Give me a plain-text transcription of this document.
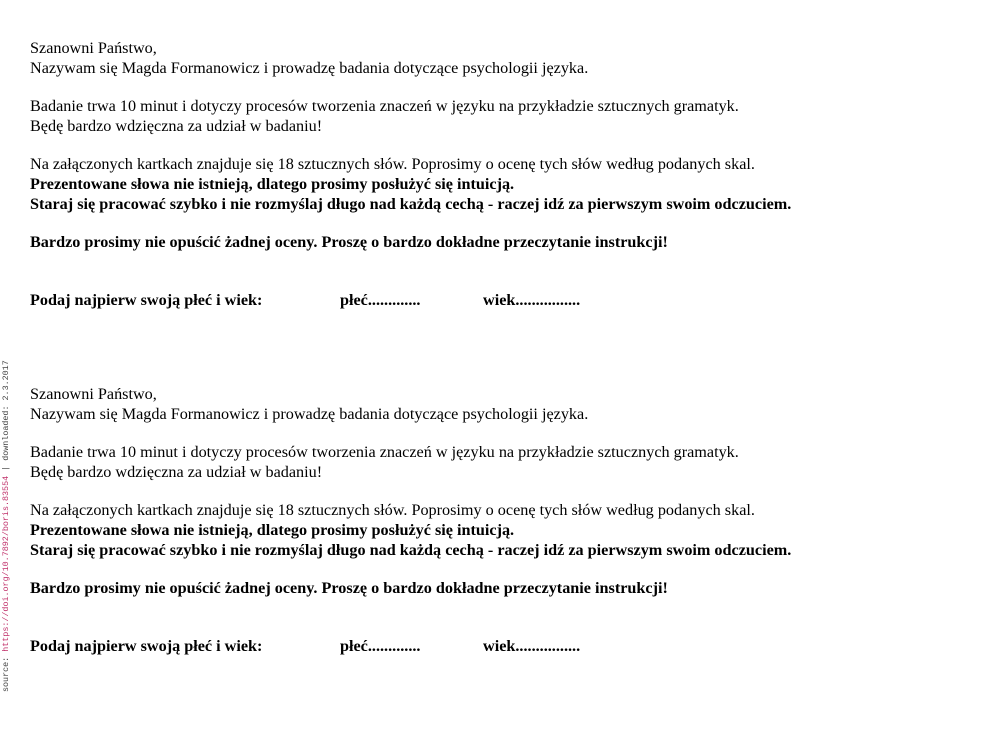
source: https://doi.org/10.7892/boris.83554 | downloaded: 2.3.2017

Szanowni Państwo,

Nazywam się Magda Formanowicz i prowadzę badania dotyczące psychologii języka.

Badanie trwa 10 minut i dotyczy procesów tworzenia znaczeń w języku na przykładzie sztucznych gramatyk.

Będę bardzo wdzięczna za udział w badaniu!

Na załączonych kartkach znajduje się 18 sztucznych słów. Poprosimy o ocenę tych słów według podanych skal.

Prezentowane słowa nie istnieją, dlatego prosimy posłużyć się intuicją.

Staraj się pracować szybko i nie rozmyślaj długo nad każdą cechą - raczej idź za pierwszym swoim odczuciem.

Bardzo prosimy nie opuścić żadnej oceny. Proszę o bardzo dokładne przeczytanie instrukcji!

Podaj najpierw swoją płeć i wiek:	płeć.............	wiek................

Szanowni Państwo,

Nazywam się Magda Formanowicz i prowadzę badania dotyczące psychologii języka.

Badanie trwa 10 minut i dotyczy procesów tworzenia znaczeń w języku na przykładzie sztucznych gramatyk.

Będę bardzo wdzięczna za udział w badaniu!

Na załączonych kartkach znajduje się 18 sztucznych słów. Poprosimy o ocenę tych słów według podanych skal.

Prezentowane słowa nie istnieją, dlatego prosimy posłużyć się intuicją.

Staraj się pracować szybko i nie rozmyślaj długo nad każdą cechą - raczej idź za pierwszym swoim odczuciem.

Bardzo prosimy nie opuścić żadnej oceny. Proszę o bardzo dokładne przeczytanie instrukcji!

Podaj najpierw swoją płeć i wiek:	płeć.............	wiek................
